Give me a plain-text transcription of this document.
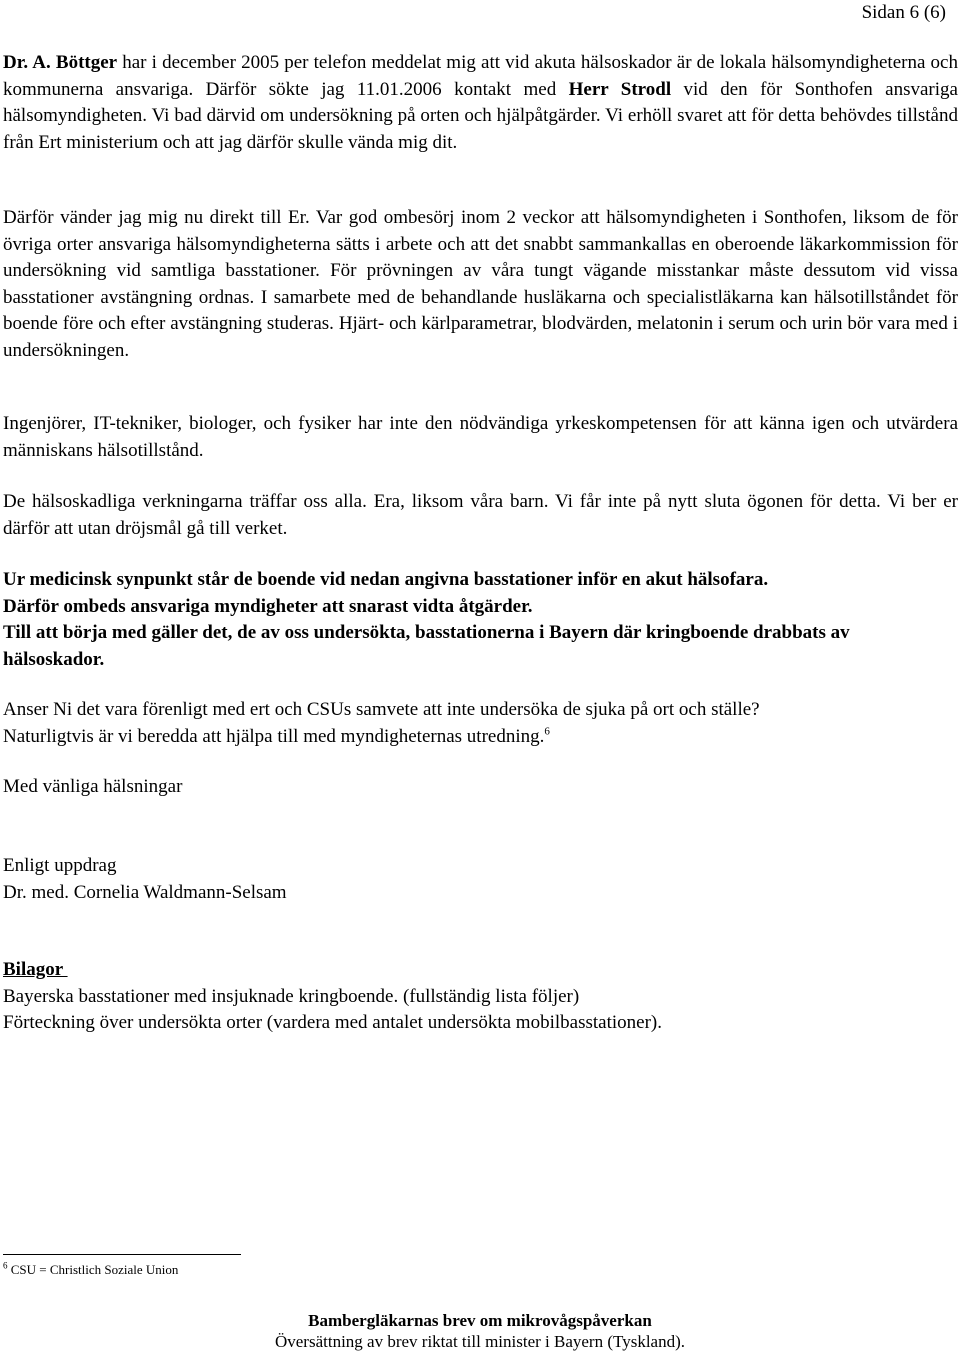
Sidan 6 (6)

Dr. A. Böttger har i december 2005 per telefon meddelat mig att vid akuta hälsoskador är de lokala hälsomyndigheterna och kommunerna ansvariga. Därför sökte jag 11.01.2006 kontakt med Herr Strodl vid den för Sonthofen ansvariga hälsomyndigheten. Vi bad därvid om undersökning på orten och hjälpåtgärder. Vi erhöll svaret att för detta behövdes tillstånd från Ert ministerium och att jag därför skulle vända mig dit.

Därför vänder jag mig nu direkt till Er. Var god ombesörj inom 2 veckor att hälsomyndigheten i Sonthofen, liksom de för övriga orter ansvariga hälsomyndigheterna sätts i arbete och att det snabbt sammankallas en oberoende läkarkommission för undersökning vid samtliga basstationer. För prövningen av våra tungt vägande misstankar måste dessutom vid vissa basstationer avstängning ordnas. I samarbete med de behandlande husläkarna och specialistläkarna kan hälsotillståndet för boende före och efter avstängning studeras. Hjärt- och kärlparametrar, blodvärden, melatonin i serum och urin bör vara med i undersökningen.

Ingenjörer, IT-tekniker, biologer, och fysiker har inte den nödvändiga yrkeskompetensen för att känna igen och utvärdera människans hälsotillstånd.

De hälsoskadliga verkningarna träffar oss alla. Era, liksom våra barn. Vi får inte på nytt sluta ögonen för detta. Vi ber er därför att utan dröjsmål gå till verket.

Ur medicinsk synpunkt står de boende vid nedan angivna basstationer inför en akut hälsofara.
Därför ombeds ansvariga myndigheter att snarast vidta åtgärder.
Till att börja med gäller det, de av oss undersökta, basstationerna i Bayern där kringboende drabbats av hälsoskador.
Anser Ni det vara förenligt med ert och CSUs samvete att inte undersöka de sjuka på ort och ställe?
Naturligtvis är vi beredda att hjälpa till med myndigheternas utredning.$^6$
Med vänliga hälsningar
Enligt uppdrag
Dr. med. Cornelia Waldmann-Selsam
Bilagor
Bayerska basstationer med insjuknade kringboende. (fullständig lista följer)
Förteckning över undersökta orter (vardera med antalet undersökta mobilbasstationer).
$^6$ CSU = Christlich Soziale Union
Bambergläkarnas brev om mikrovågspåverkan
Översättning av brev riktat till minister i Bayern (Tyskland).
